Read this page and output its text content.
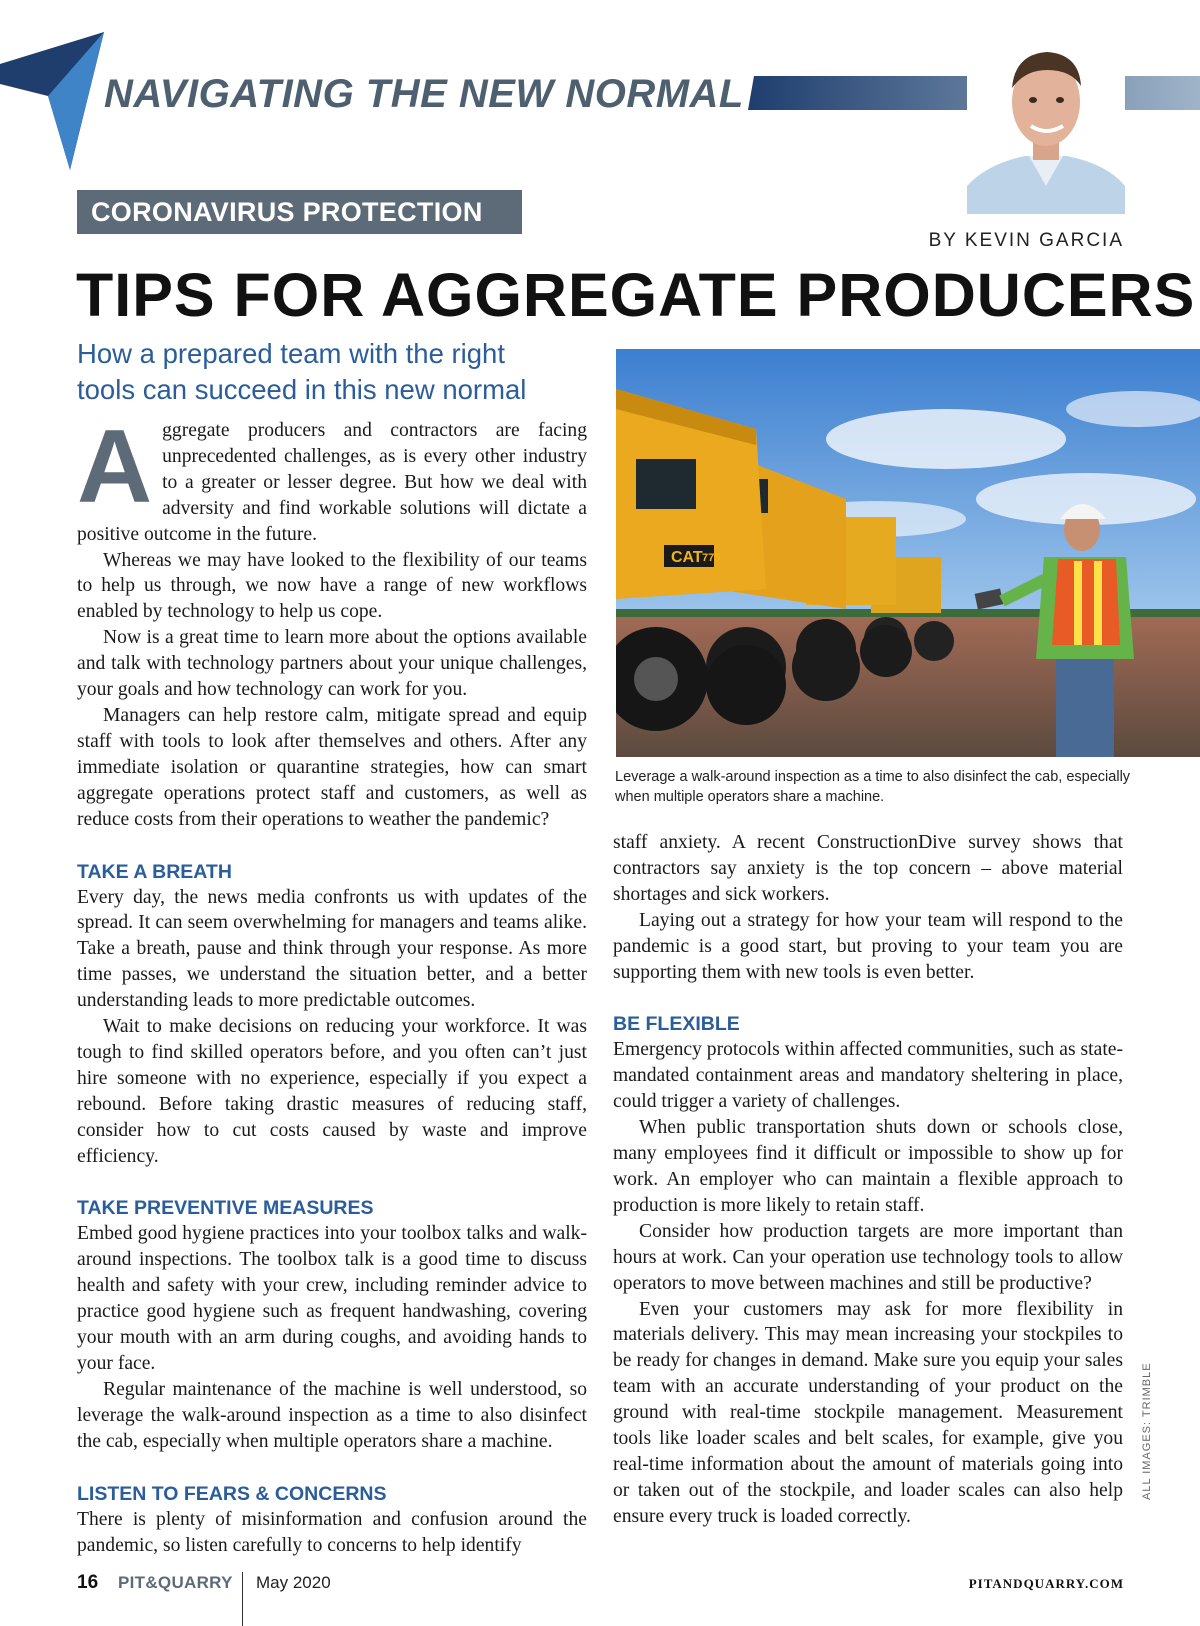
NAVIGATING THE NEW NORMAL
CORONAVIRUS PROTECTION
BY KEVIN GARCIA
TIPS FOR AGGREGATE PRODUCERS
How a prepared team with the right
tools can succeed in this new normal
CAT 775
Leverage a walk-around inspection as a time to also disinfect the cab, especially when multiple operators share a machine.

Aggregate producers and contractors are facing unprecedented challenges, as is every other industry to a greater or lesser degree. But how we deal with adversity and find workable solutions will dictate a positive outcome in the future.

Whereas we may have looked to the flexibility of our teams to help us through, we now have a range of new workflows enabled by technology to help us cope.

Now is a great time to learn more about the options available and talk with technology partners about your unique challenges, your goals and how technology can work for you.

Managers can help restore calm, mitigate spread and equip staff with tools to look after themselves and others. After any immediate isolation or quarantine strategies, how can smart aggregate operations protect staff and customers, as well as reduce costs from their operations to weather the pandemic?

TAKE A BREATH

Every day, the news media confronts us with updates of the spread. It can seem overwhelming for managers and teams alike. Take a breath, pause and think through your response. As more time passes, we understand the situation better, and a better understanding leads to more predictable outcomes.

Wait to make decisions on reducing your workforce. It was tough to find skilled operators before, and you often can’t just hire someone with no experience, especially if you expect a rebound. Before taking drastic measures of reducing staff, consider how to cut costs caused by waste and improve efficiency.

TAKE PREVENTIVE MEASURES

Embed good hygiene practices into your toolbox talks and walk-around inspections. The toolbox talk is a good time to discuss health and safety with your crew, including reminder advice to practice good hygiene such as frequent handwashing, covering your mouth with an arm during coughs, and avoiding hands to your face.

Regular maintenance of the machine is well understood, so leverage the walk-around inspection as a time to also disinfect the cab, especially when multiple operators share a machine.

LISTEN TO FEARS & CONCERNS

There is plenty of misinformation and confusion around the pandemic, so listen carefully to concerns to help identify

staff anxiety. A recent ConstructionDive survey shows that contractors say anxiety is the top concern – above material shortages and sick workers.

Laying out a strategy for how your team will respond to the pandemic is a good start, but proving to your team you are supporting them with new tools is even better.

BE FLEXIBLE

Emergency protocols within affected communities, such as state-mandated containment areas and mandatory sheltering in place, could trigger a variety of challenges.

When public transportation shuts down or schools close, many employees find it difficult or impossible to show up for work. An employer who can maintain a flexible approach to production is more likely to retain staff.

Consider how production targets are more important than hours at work. Can your operation use technology tools to allow operators to move between machines and still be productive?

Even your customers may ask for more flexibility in materials delivery. This may mean increasing your stockpiles to be ready for changes in demand. Make sure you equip your sales team with an accurate understanding of your product on the ground with real-time stockpile management. Measurement tools like loader scales and belt scales, for example, give you real-time information about the amount of materials going into or taken out of the stockpile, and loader scales can also help ensure every truck is loaded correctly.

ALL IMAGES: TRIMBLE
16 PIT&QUARRY May 2020	PITANDQUARRY.COM
